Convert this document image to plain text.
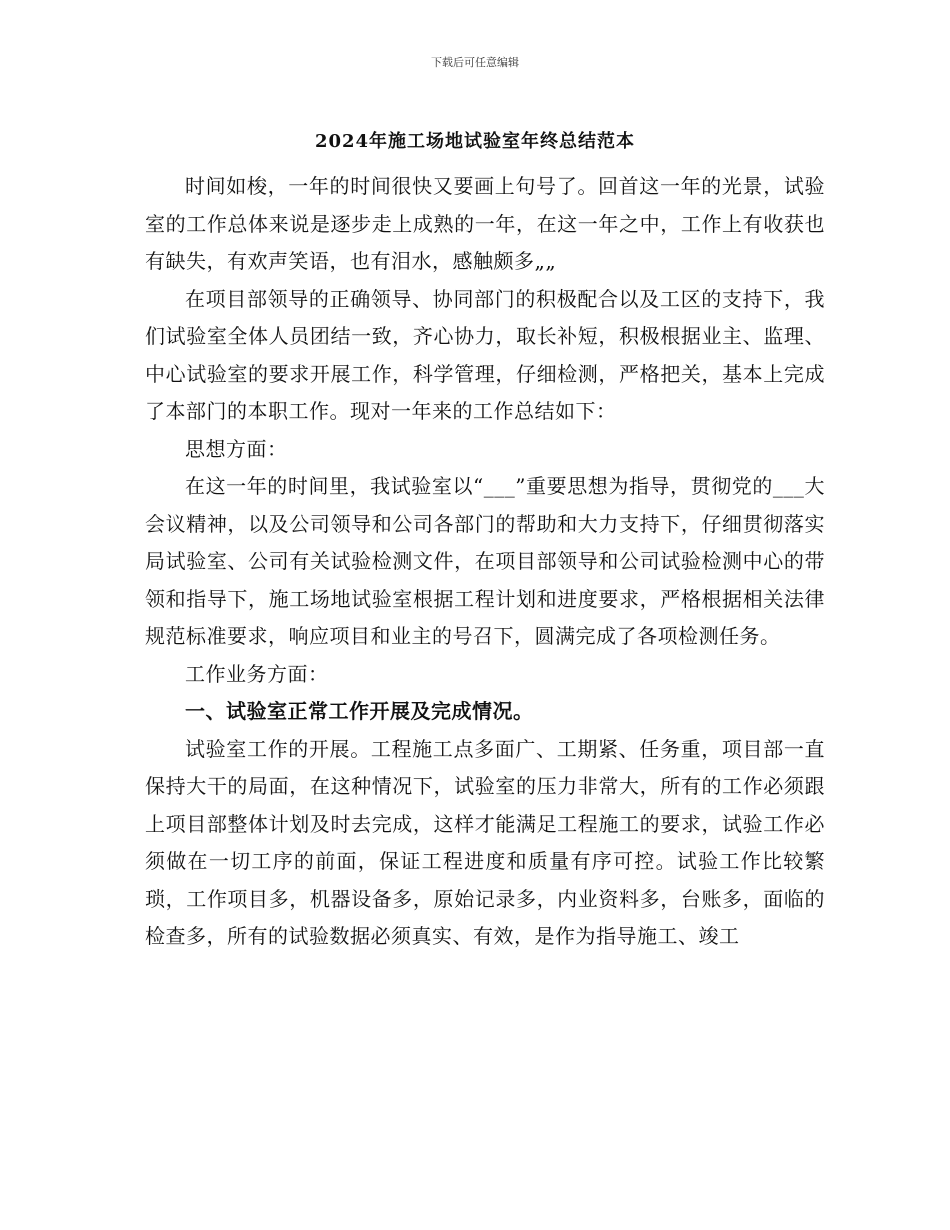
下载后可任意编辑
2024年施工场地试验室年终总结范本

时间如梭，一年的时间很快又要画上句号了。回首这一年的光景，试验室的工作总体来说是逐步走上成熟的一年，在这一年之中，工作上有收获也有缺失，有欢声笑语，也有泪水，感触颇多„„

在项目部领导的正确领导、协同部门的积极配合以及工区的支持下，我们试验室全体人员团结一致，齐心协力，取长补短，积极根据业主、监理、中心试验室的要求开展工作，科学管理，仔细检测，严格把关，基本上完成了本部门的本职工作。现对一年来的工作总结如下：

思想方面：

在这一年的时间里，我试验室以“___”重要思想为指导，贯彻党的___大会议精神，以及公司领导和公司各部门的帮助和大力支持下，仔细贯彻落实局试验室、公司有关试验检测文件，在项目部领导和公司试验检测中心的带领和指导下，施工场地试验室根据工程计划和进度要求，严格根据相关法律规范标准要求，响应项目和业主的号召下，圆满完成了各项检测任务。

工作业务方面：

一、试验室正常工作开展及完成情况。

试验室工作的开展。工程施工点多面广、工期紧、任务重，项目部一直保持大干的局面，在这种情况下，试验室的压力非常大，所有的工作必须跟上项目部整体计划及时去完成，这样才能满足工程施工的要求，试验工作必须做在一切工序的前面，保证工程进度和质量有序可控。试验工作比较繁琐，工作项目多，机器设备多，原始记录多，内业资料多，台账多，面临的检查多，所有的试验数据必须真实、有效，是作为指导施工、竣工
